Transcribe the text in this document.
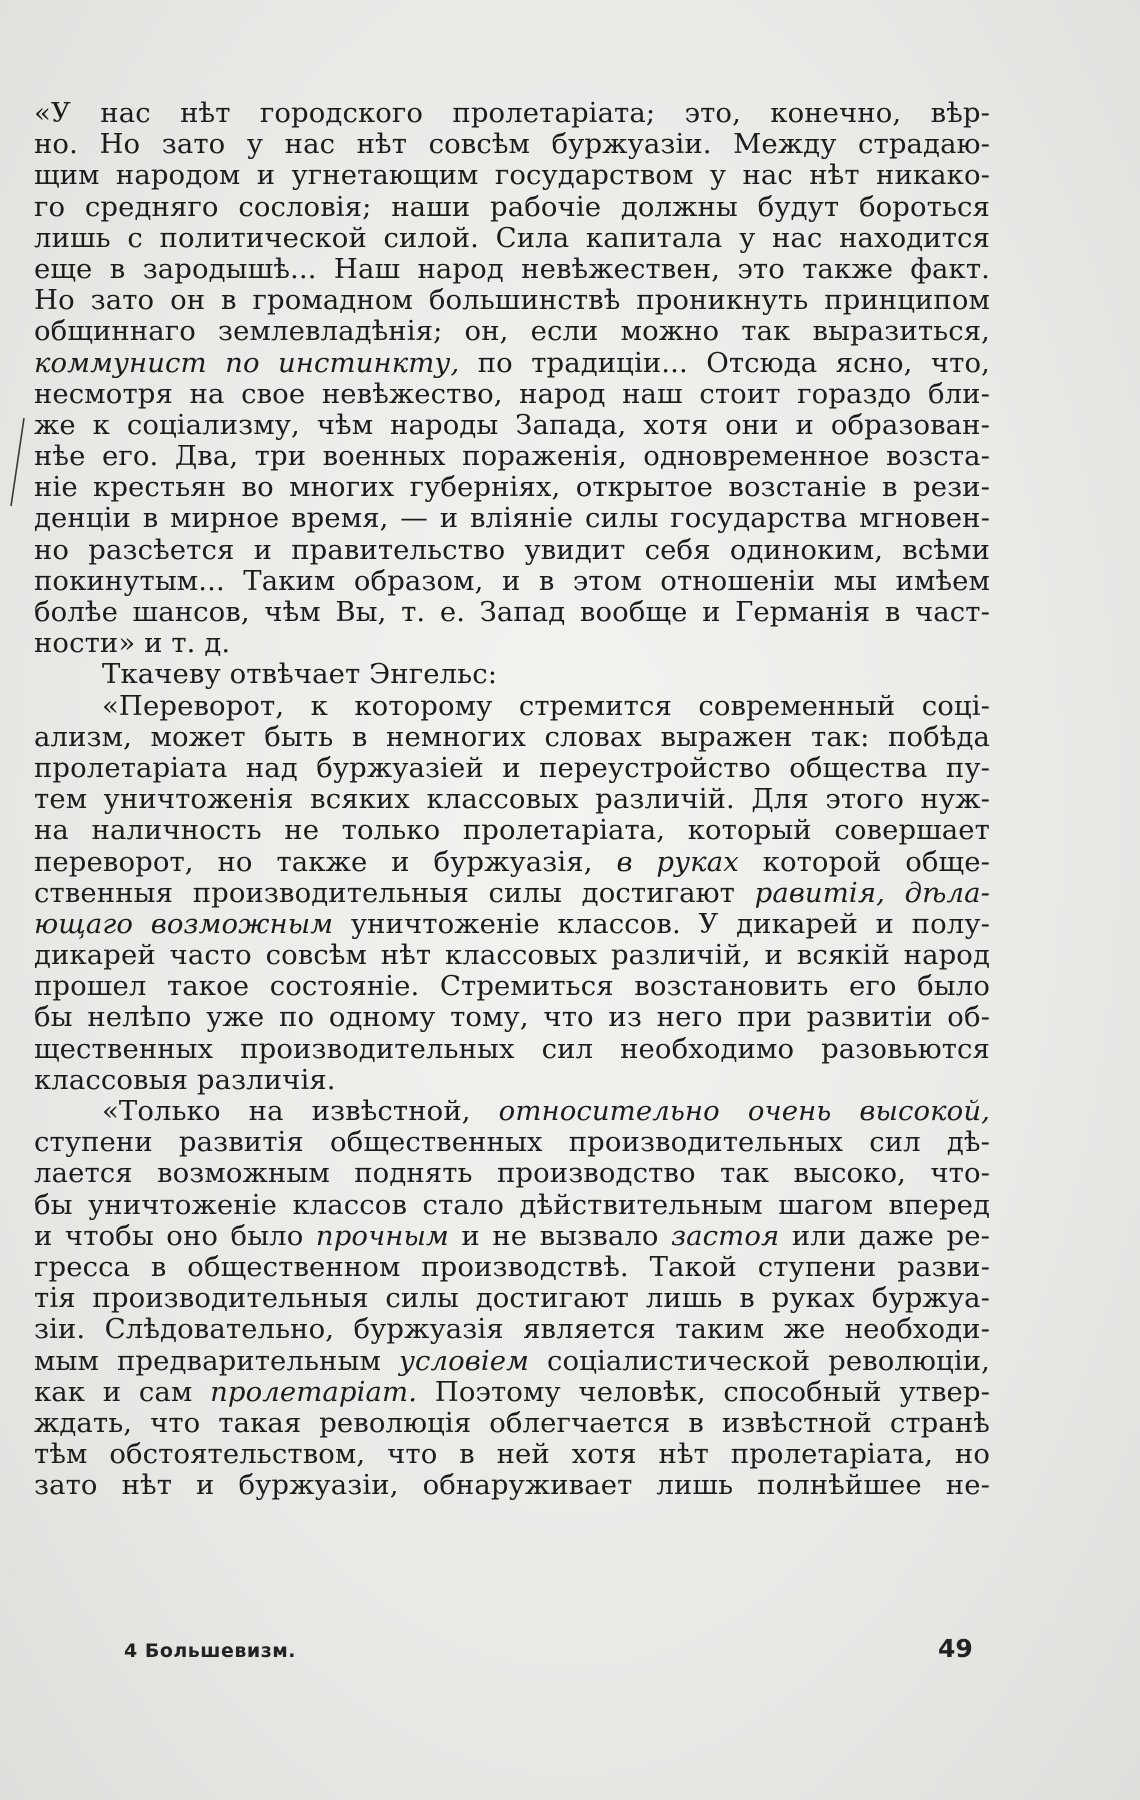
«У нас нѣт городского пролетаріата; это, конечно, вѣр-
но. Но зато у нас нѣт совсѣм буржуазіи. Между страдаю-
щим народом и угнетающим государством у нас нѣт никако-
го средняго сословія; наши рабочіе должны будут бороться
лишь с политической силой. Сила капитала у нас находится
еще в зародышѣ... Наш народ невѣжествен, это также факт.
Но зато он в громадном большинствѣ проникнуть принципом
общиннаго землевладѣнія; он, если можно так выразиться,
коммунист по инстинкту, по традиціи... Отсюда ясно, что,
несмотря на свое невѣжество, народ наш стоит гораздо бли-
же к соціализму, чѣм народы Запада, хотя они и образован-
нѣе его. Два, три военных пораженія, одновременное возста-
ніе крестьян во многих губерніях, открытое возстаніе в рези-
денціи в мирное время, — и вліяніе силы государства мгновен-
но разсѣется и правительство увидит себя одиноким, всѣми
покинутым... Таким образом, и в этом отношеніи мы имѣем
болѣе шансов, чѣм Вы, т. е. Запад вообще и Германія в част-
ности» и т. д.
Ткачеву отвѣчает Энгельс:
«Переворот, к которому стремится современный соці-
ализм, может быть в немногих словах выражен так: побѣда
пролетаріата над буржуазіей и переустройство общества пу-
тем уничтоженія всяких классовых различій. Для этого нуж-
на наличность не только пролетаріата, который совершает
переворот, но также и буржуазія, в руках которой обще-
ственныя производительныя силы достигают равитія, дѣла-
ющаго возможным уничтоженіе классов. У дикарей и полу-
дикарей часто совсѣм нѣт классовых различій, и всякій народ
прошел такое состояніе. Стремиться возстановить его было
бы нелѣпо уже по одному тому, что из него при развитіи об-
щественных производительных сил необходимо разовьются
классовыя различія.
«Только на извѣстной, относительно очень высокой,
ступени развитія общественных производительных сил дѣ-
лается возможным поднять производство так высоко, что-
бы уничтоженіе классов стало дѣйствительным шагом вперед
и чтобы оно было прочным и не вызвало застоя или даже ре-
гресса в общественном производствѣ. Такой ступени разви-
тія производительныя силы достигают лишь в руках буржуа-
зіи. Слѣдовательно, буржуазія является таким же необходи-
мым предварительным условіем соціалистической революціи,
как и сам пролетаріат. Поэтому человѣк, способный утвер-
ждать, что такая революція облегчается в извѣстной странѣ
тѣм обстоятельством, что в ней хотя нѣт пролетаріата, но
зато нѣт и буржуазіи, обнаруживает лишь полнѣйшее не-
4 Большевизм.	49
